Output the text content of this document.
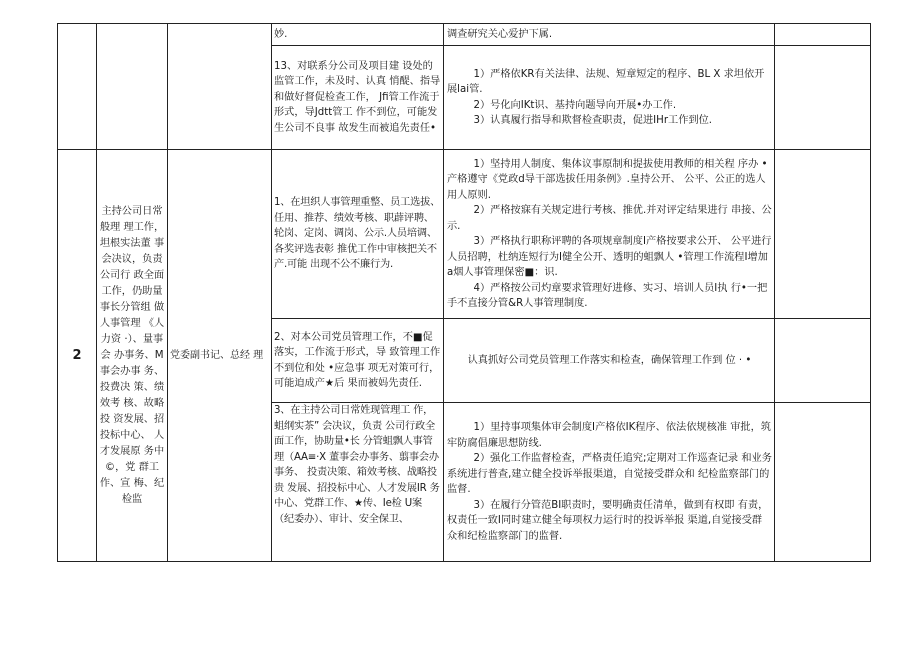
			妙.	调查研究关心爱护下属.	

			13、对联系分公司及项目建 设处的监管工作，未及时、认真 悄醍、指导和做好督促检查工作， Jfi管工作流于形式，导Jdtt管工 作不到位，可能发生公司不良事 故发生而被追先责任•	1）严格依KR有关法律、法规、短章短定的程序、BL X 求坦依开展lai管.

2）号化向IKt识、基持向题导向开展•办工作.

3）认真履行指导和欺督检查职责，促进IHr工作到位.	

2	主持公司日常般理 理工作， 坦根实法董 事会决议，负责公司行 政全面工作，仍助量 事长分管组 做人事管理 《人力资 ·）、量事会 办事务、M 事会办事 务、投费决 策、绩效考 核、故略投 资发展、招投标中心、 人才发展原 务中©，党 群工作、宣 梅、纪检监	党委副书记、总经 理	1、在坦织人事管理重整、员工选拔、任用、推荐、绩效考核、职薜评聘、轮岗、定岗、调岗、公示.人员培调、各奖评选表彰 推优工作中审核把关不产.可能 出现不公不廉行为.	1）坚持用人制度、集体议事原制和提拔使用教师的相关程 序办 •产格遵守《党政d导干部选拔任用条例》.皇持公开、 公平、公正的选人用人原则.

2）严格按寐有关规定进行考核、推优.并对评定结果进行 串接、公示.

3）严格执行职称评聘的各项规章制度I产格按要求公开、 公平进行人员招聘，杜纳连短行为I健全公开、透明的蛆飘人 •管理工作流程I增加a烟人事管理保密■：识.

4）严格按公司灼章要求管理好进修、实习、培训人员I执 行•一把手不直接分管&R人事管理制度.	

			2、对本公司党员管理工作，不■促落实，工作流于形式，导 致管理工作不到位和处 •应急事 项无对策可行，可能迫成产★后 果而被妈先责任.	认真抓好公司党员管理工作落实和检查，确保管理工作到 位 · •	

			3、在主持公司日常姓现管理工 作，蛆纲实茶” 会决议，负责 公司行政全面工作，协助量•长 分管蛆飘人事管理（AA≡·X 董事会办事务、翦事会办事务、 投责决策、箱效考核、战略投贵 发展、招投标中心、人才发展IR 务中心、党群工作、★传、Ie检 U案（纪委办）、审计、安全保卫、	1）里持事项集体审会制度I产格依IK程序、依法依规核准 审批，筑牢防腐倡廉思想防线.

2）强化工作监督检查，严格责任追究;定期对工作巡查记录 和业务系统进行普查,建立健全投诉举报渠道，自觉接受群众和 纪检监察部门的监督.

3）在履行分管范BI职责时，要明确责任清单，做到有权即 有责，权责任一致I同时建立健全每项权力运行时的投诉举报 渠道,自觉接受群众和纪检监察部门的监督.	
